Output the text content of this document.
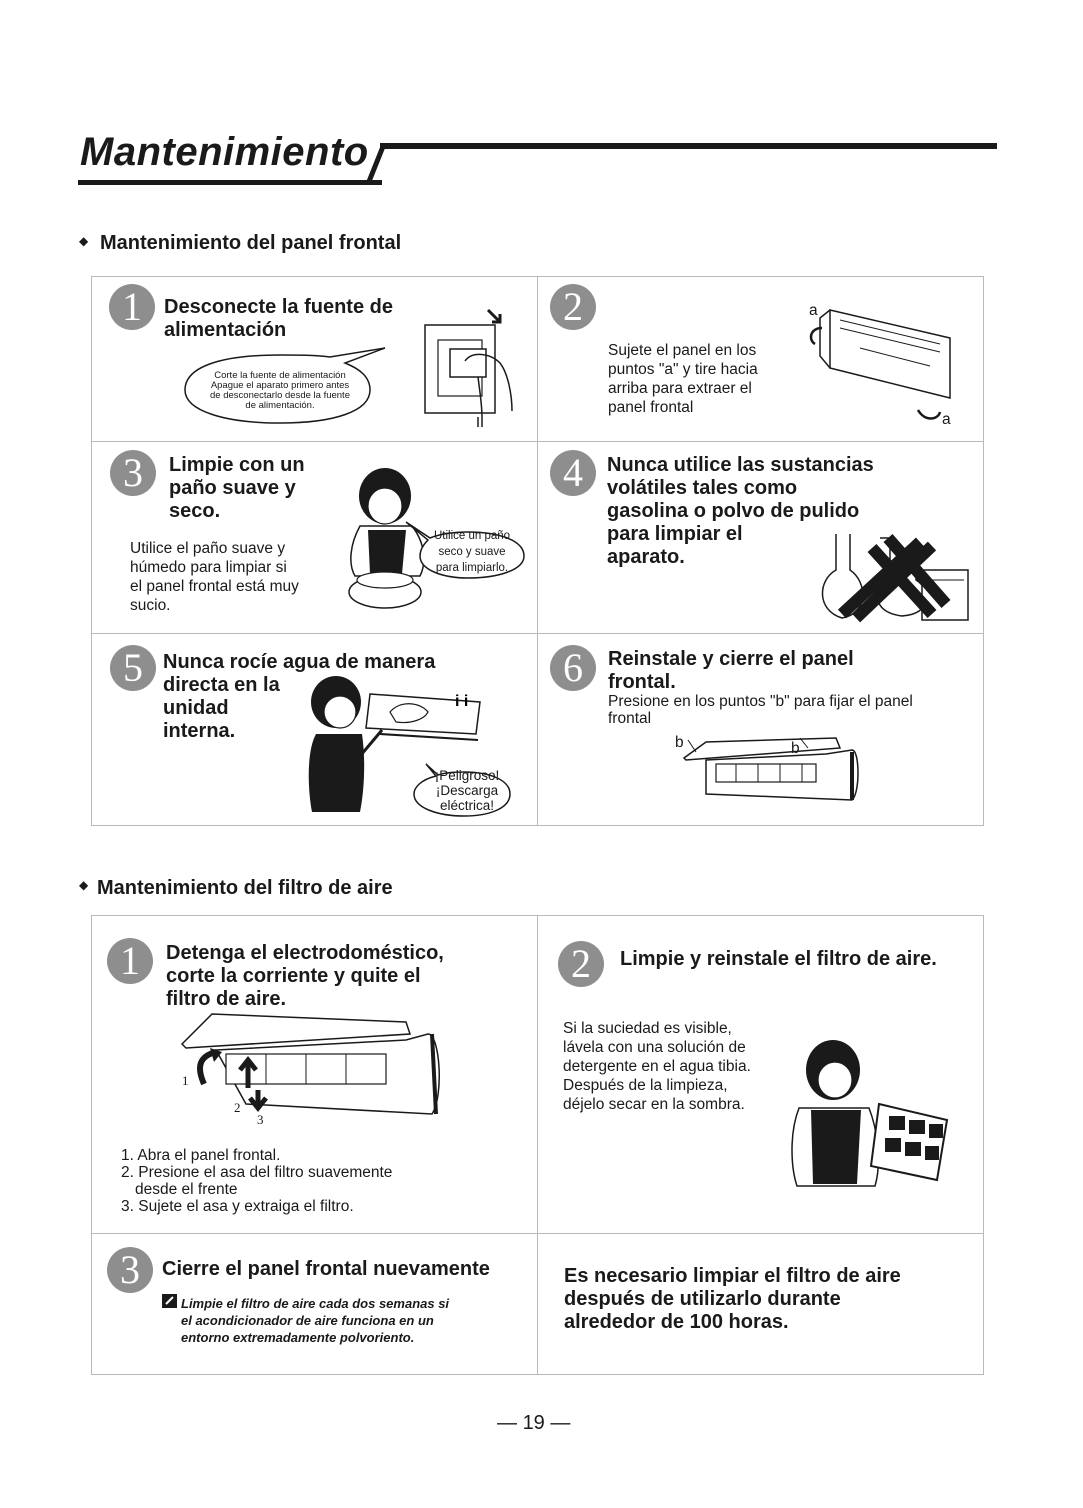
Mantenimiento
◆ Mantenimiento del panel frontal
1	Desconecte la fuente de
alimentación
Corte la fuente de alimentación
Apague el aparato primero antes
de desconectarlo desde la fuente
de alimentación.
2
Sujete el panel en los
puntos "a" y tire hacia
arriba para extraer el
panel frontal
a
a
3	Limpie con un
paño suave y
seco.
Utilice el paño suave y
húmedo para limpiar si
el panel frontal está muy
sucio.
Utilice un paño
seco y suave
para limpiarlo.
4	Nunca utilice las sustancias
volátiles tales como
gasolina o polvo de pulido
para limpiar el
aparato.
5	Nunca rocíe agua de manera
directa en la
unidad
interna.
i i
¡Peligroso!
¡Descarga
eléctrica!
6	Reinstale y cierre el panel
frontal.
Presione en los puntos "b" para fijar el panel
frontal
b	b
◆ Mantenimiento del filtro de aire
1	Detenga el electrodoméstico,
corte la corriente y quite el
filtro de aire.
1
2
3
1. Abra el panel frontal.
2. Presione el asa del filtro suavemente
desde el frente
3. Sujete el asa y extraiga el filtro.
2	Limpie y reinstale el filtro de aire.
Si la suciedad es visible,
lávela con una solución de
detergente en el agua tibia.
Después de la limpieza,
déjelo secar en la sombra.
3	Cierre el panel frontal nuevamente
Limpie el filtro de aire cada dos semanas si
el acondicionador de aire funciona en un
entorno extremadamente polvoriento.
Es necesario limpiar el filtro de aire
después de utilizarlo durante
alrededor de 100 horas.
— 19 —
